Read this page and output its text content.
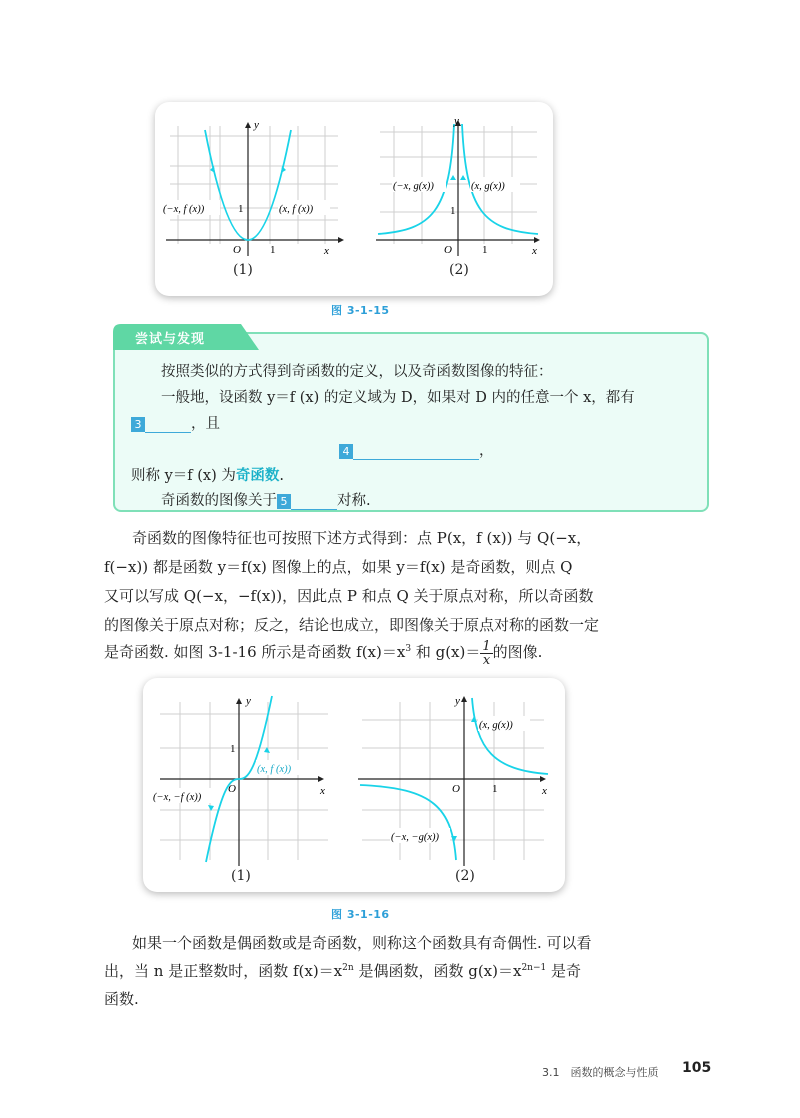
y
x
O	1
1
(−x, f (x))	(x, f (x))
(1)
y
x
O	1
1
(−x, g(x))	(x, g(x))
(2)
图 3-1-15
尝试与发现
按照类似的方式得到奇函数的定义，以及奇函数图像的特征：
一般地，设函数 y＝f (x) 的定义域为 D，如果对 D 内的任意一个 x，都有
3	，且
4	，
则称 y＝f (x) 为奇函数.
奇函数的图像关于 5	对称.
奇函数的图像特征也可按照下述方式得到：点 P(x，f (x)) 与 Q(−x，
f(−x)) 都是函数 y＝f(x) 图像上的点，如果 y＝f(x) 是奇函数，则点 Q
又可以写成 Q(−x，−f(x))，因此点 P 和点 Q 关于原点对称，所以奇函数
的图像关于原点对称；反之，结论也成立，即图像关于原点对称的函数一定
是奇函数. 如图 3-1-16 所示是奇函数 $f(x)=x^3$ 和 $g(x)= \frac{1}{x}$ 的图像.
y
x
O
1
(x, f (x))
(−x, −f (x))
(1)
y
x
O	1
(x, g(x))
(−x, −g(x))
(2)
图 3-1-16
如果一个函数是偶函数或是奇函数，则称这个函数具有奇偶性. 可以看
出，当 n 是正整数时，函数 $f(x)=x^{2n}$ 是偶函数，函数 $g(x)=x^{2n-1}$ 是奇
函数.
3.1　函数的概念与性质 105
